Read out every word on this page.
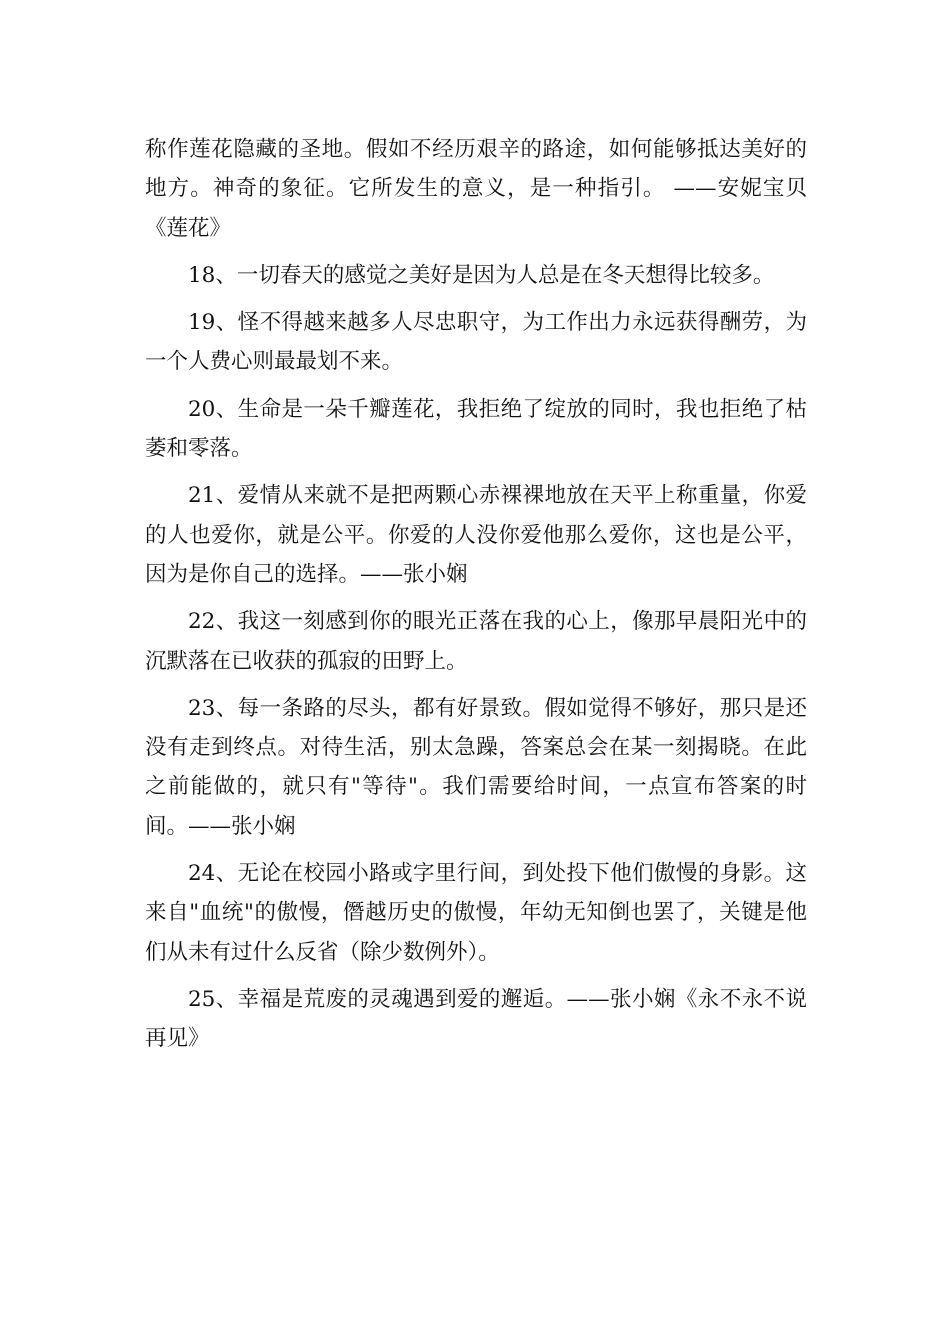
称作莲花隐藏的圣地。假如不经历艰辛的路途，如何能够抵达美好的地方。神奇的象征。它所发生的意义，是一种指引。 ——安妮宝贝 《莲花》

18、一切春天的感觉之美好是因为人总是在冬天想得比较多。

19、怪不得越来越多人尽忠职守，为工作出力永远获得酬劳，为一个人费心则最最划不来。

20、生命是一朵千瓣莲花，我拒绝了绽放的同时，我也拒绝了枯萎和零落。

21、爱情从来就不是把两颗心赤裸裸地放在天平上称重量，你爱的人也爱你，就是公平。你爱的人没你爱他那么爱你，这也是公平，因为是你自己的选择。——张小娴

22、我这一刻感到你的眼光正落在我的心上，像那早晨阳光中的沉默落在已收获的孤寂的田野上。

23、每一条路的尽头，都有好景致。假如觉得不够好，那只是还没有走到终点。对待生活，别太急躁，答案总会在某一刻揭晓。在此之前能做的，就只有"等待"。我们需要给时间，一点宣布答案的时间。——张小娴

24、无论在校园小路或字里行间，到处投下他们傲慢的身影。这来自"血统"的傲慢，僭越历史的傲慢，年幼无知倒也罢了，关键是他们从未有过什么反省（除少数例外）。

25、幸福是荒废的灵魂遇到爱的邂逅。——张小娴《永不永不说再见》
